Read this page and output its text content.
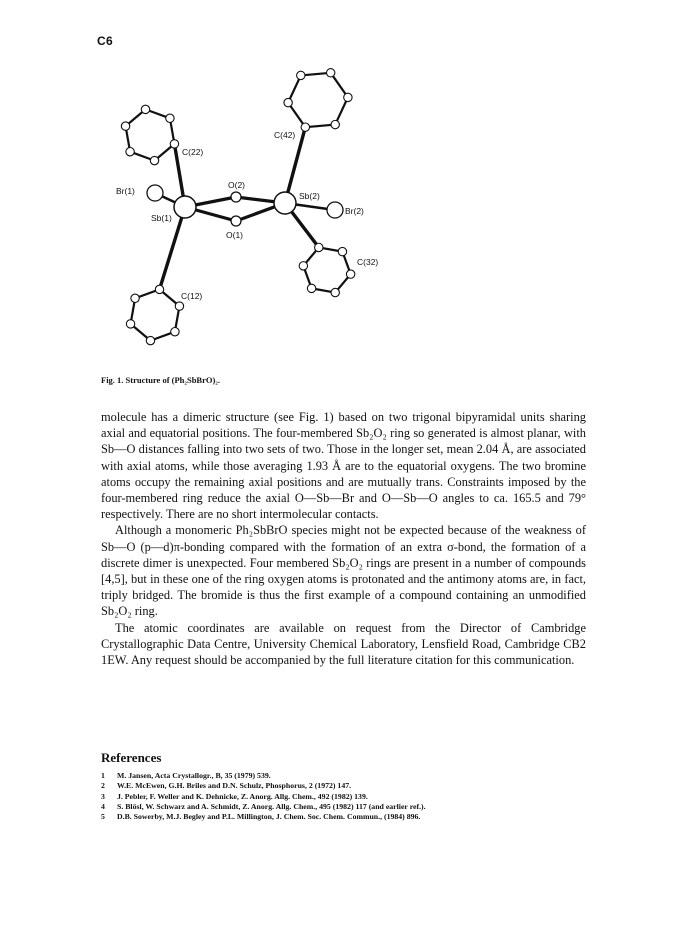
C6
C(22)
C(42)
Br(1)
O(2)
Sb(2)
Sb(1)
Br(2)
O(1)
C(32)
C(12)
Fig. 1. Structure of (Ph₂SbBrO)₂.

molecule has a dimeric structure (see Fig. 1) based on two trigonal bipyramidal units sharing axial and equatorial positions. The four-membered Sb₂O₂ ring so generated is almost planar, with Sb—O distances falling into two sets of two. Those in the longer set, mean 2.04 Å, are associated with axial atoms, while those averaging 1.93 Å are to the equatorial oxygens. The two bromine atoms occupy the remaining axial positions and are mutually trans. Constraints imposed by the four-membered ring reduce the axial O—Sb—Br and O—Sb—O angles to ca. 165.5 and 79° respectively. There are no short intermolecular contacts.

Although a monomeric Ph₂SbBrO species might not be expected because of the weakness of Sb—O (p—d)π-bonding compared with the formation of an extra σ-bond, the formation of a discrete dimer is unexpected. Four membered Sb₂O₂ rings are present in a number of compounds [4,5], but in these one of the ring oxygen atoms is protonated and the antimony atoms are, in fact, triply bridged. The bromide is thus the first example of a compound containing an unmodified Sb₂O₂ ring.

The atomic coordinates are available on request from the Director of Cambridge Crystallographic Data Centre, University Chemical Laboratory, Lensfield Road, Cambridge CB2 1EW. Any request should be accompanied by the full literature citation for this communication.

References
1	M. Jansen, Acta Crystallogr., B, 35 (1979) 539.
2	W.E. McEwen, G.H. Briles and D.N. Schulz, Phosphorus, 2 (1972) 147.
3	J. Pebler, F. Weller and K. Dehnicke, Z. Anorg. Allg. Chem., 492 (1982) 139.
4	S. Blösl, W. Schwarz and A. Schmidt, Z. Anorg. Allg. Chem., 495 (1982) 117 (and earlier ref.).
5	D.B. Sowerby, M.J. Begley and P.L. Millington, J. Chem. Soc. Chem. Commun., (1984) 896.
